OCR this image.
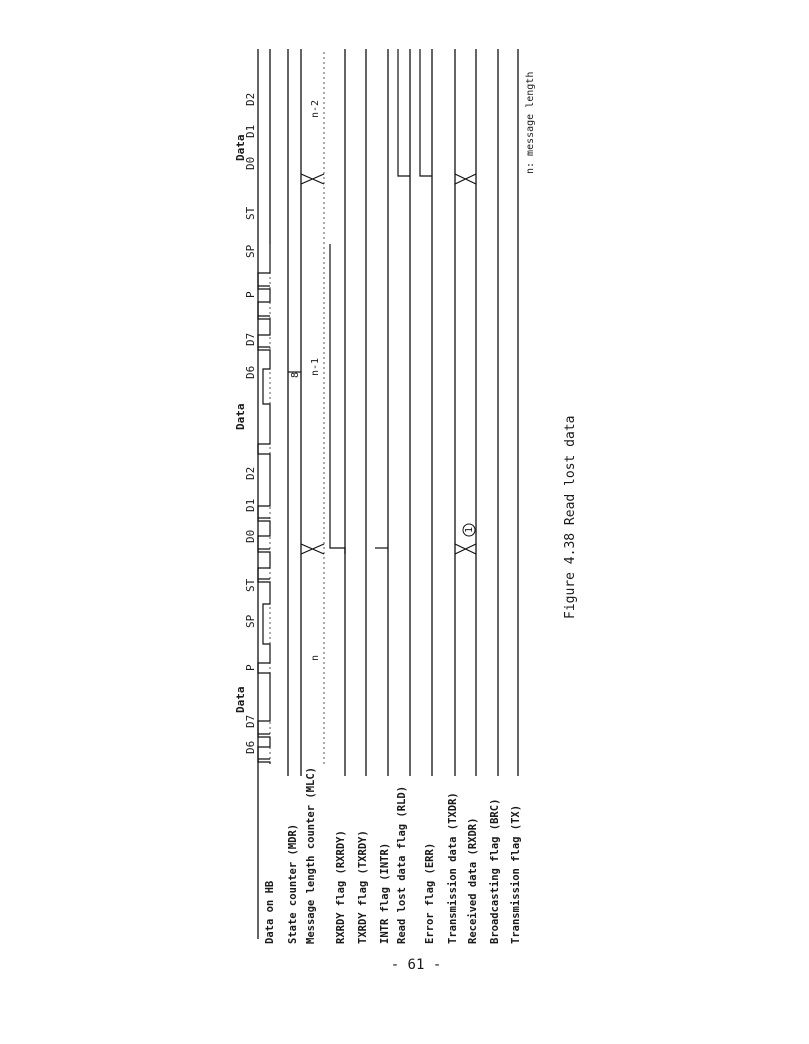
Data on HB State counter (MDR) Message length counter (MLC) RXRDY flag (RXRDY) TXRDY flag (TXRDY) INTR flag (INTR) Read lost data flag (RLD) Error flag (ERR) Transmission data (TXDR) Received data (RXDR) Broadcasting flag (BRC) Transmission flag (TX)
D6
D7
P
SP
ST
D0
D1
D2
D6
D7
P
SP
ST
D0
D1
D2
Data
Data
Data
8
n
n-1
n-2
1
n: message length
Figure 4.38 Read lost data
- 61 -
